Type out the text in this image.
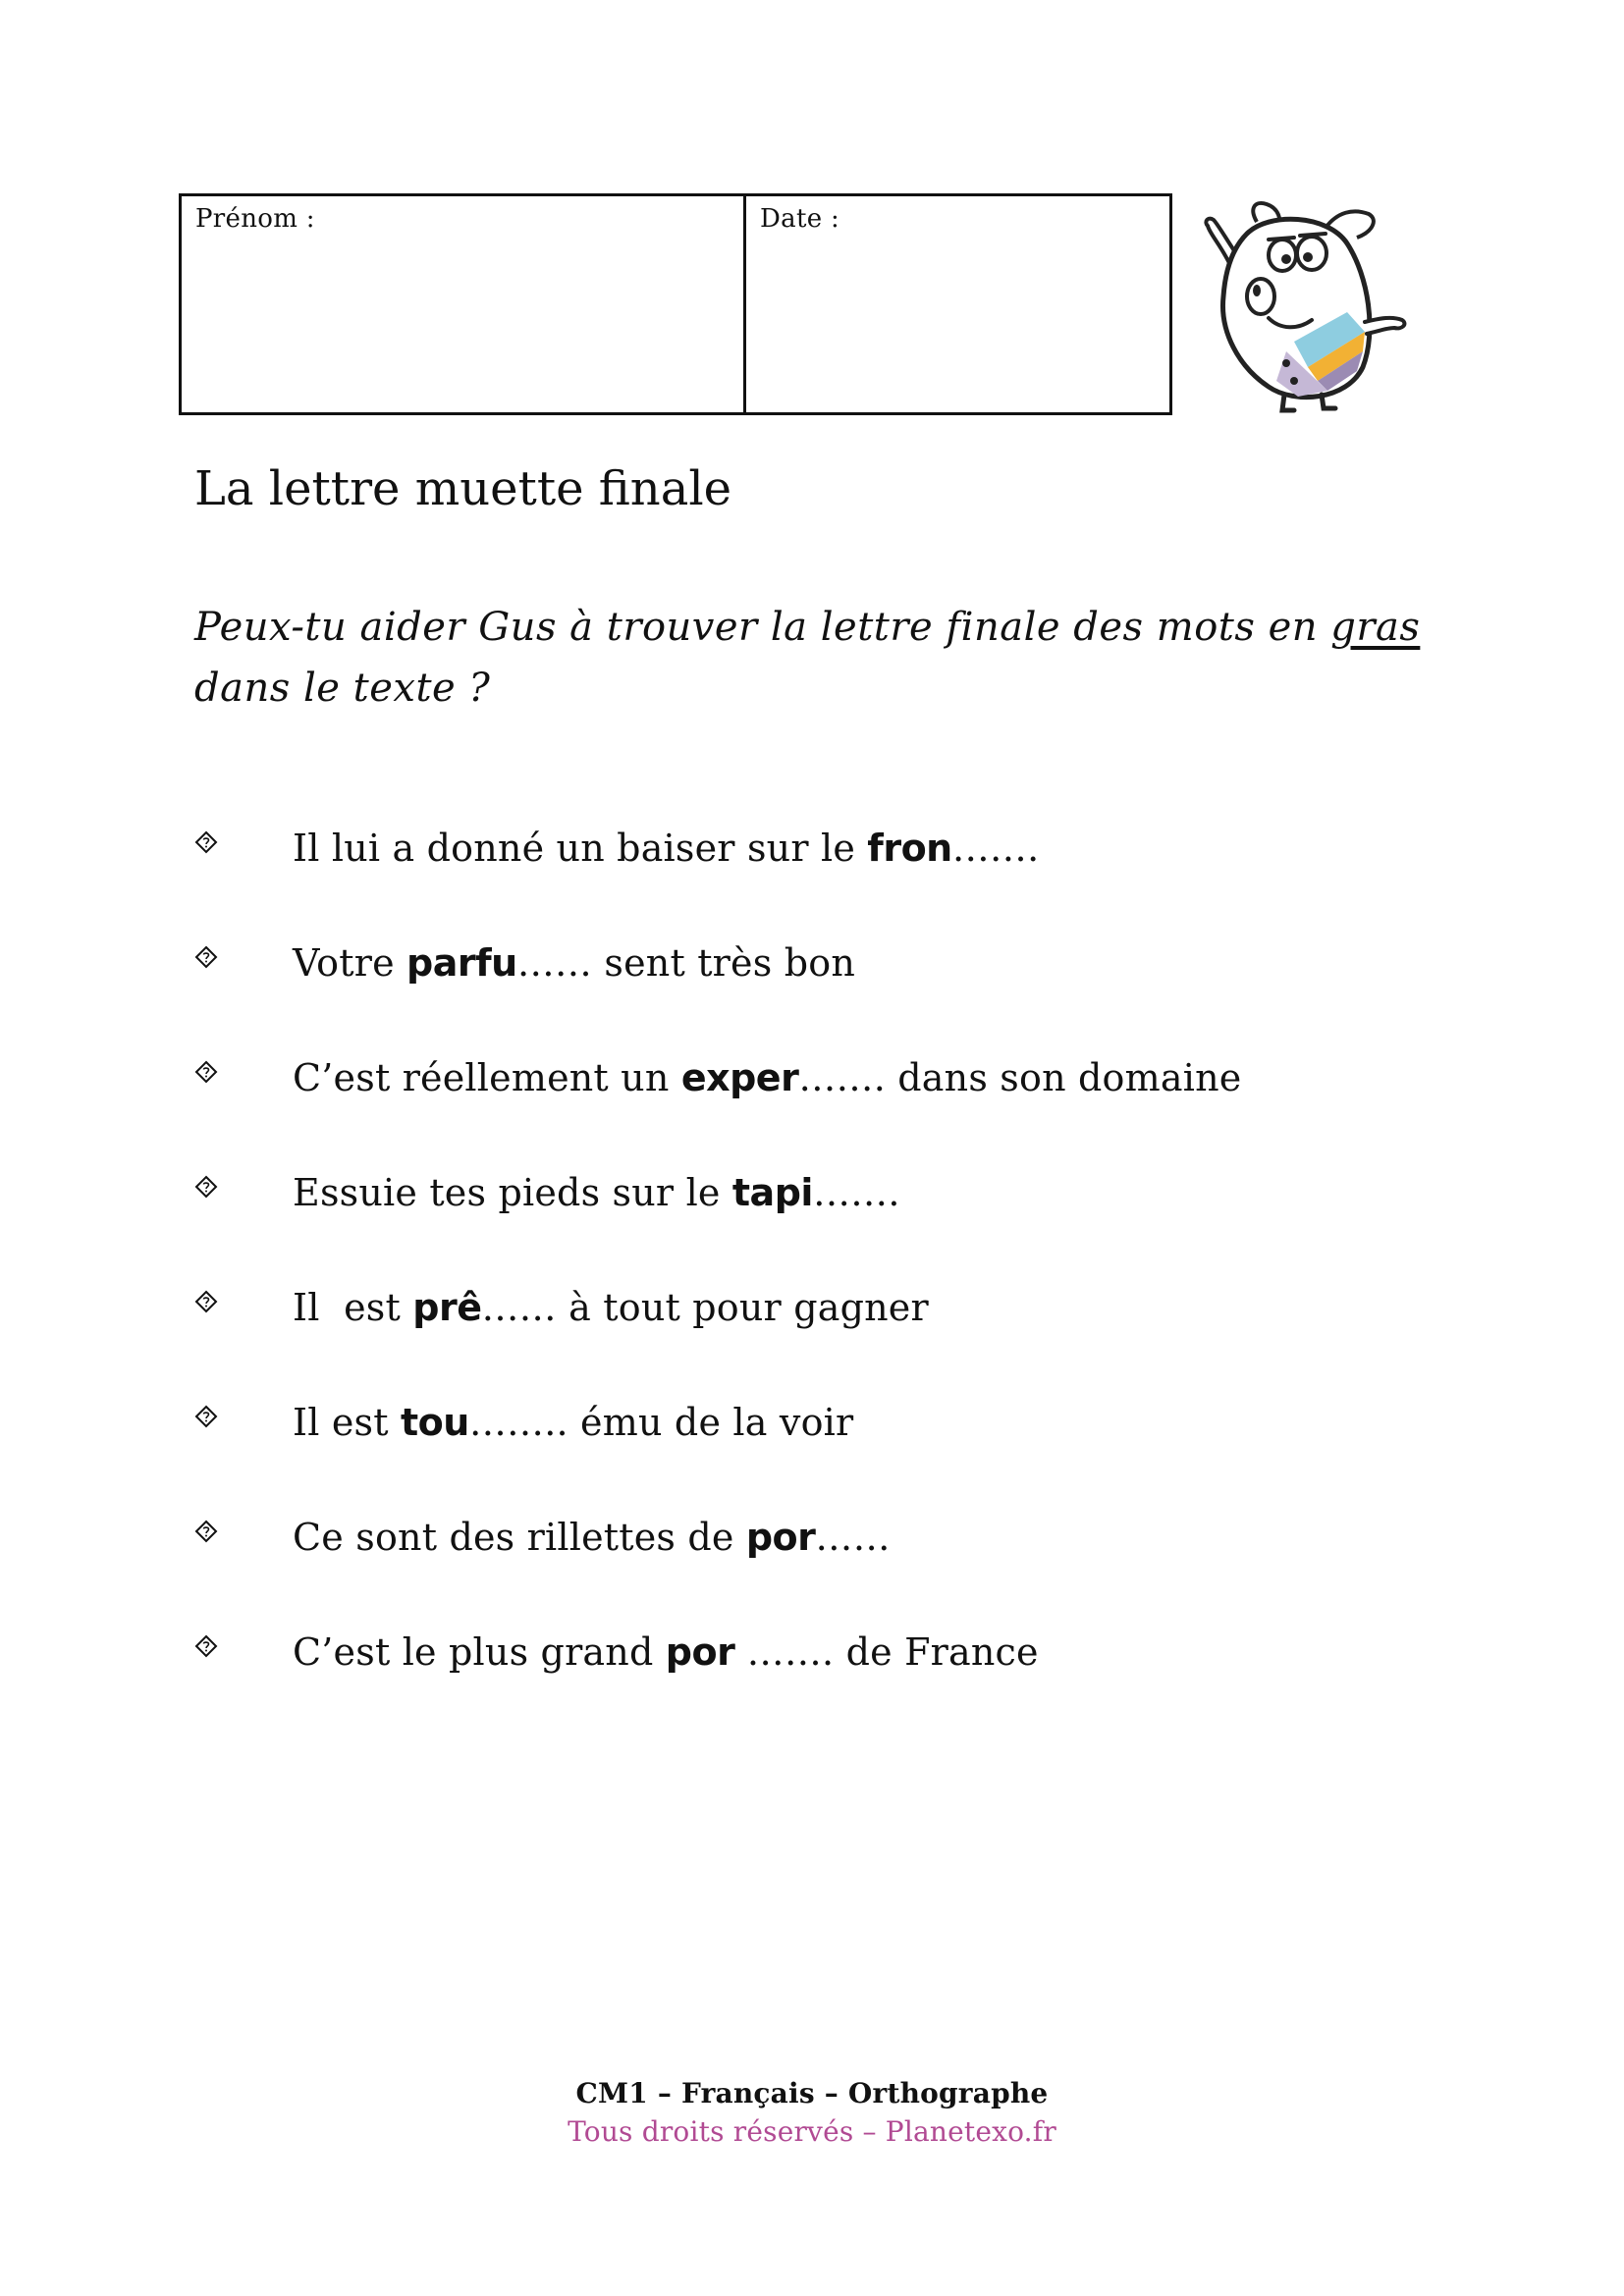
Prénom :	Date :
La lettre muette finale
Peux-tu aider Gus à trouver la lettre finale des mots en gras dans le texte ?
Il lui a donné un baiser sur le fron…….
Votre parfu…… sent très bon
C’est réellement un exper……. dans son domaine
Essuie tes pieds sur le tapi…….
Il  est prê…… à tout pour gagner
Il est tou…….. ému de la voir
Ce sont des rillettes de por……
C’est le plus grand por ……. de France
CM1 – Français – Orthographe
Tous droits réservés – Planetexo.fr
